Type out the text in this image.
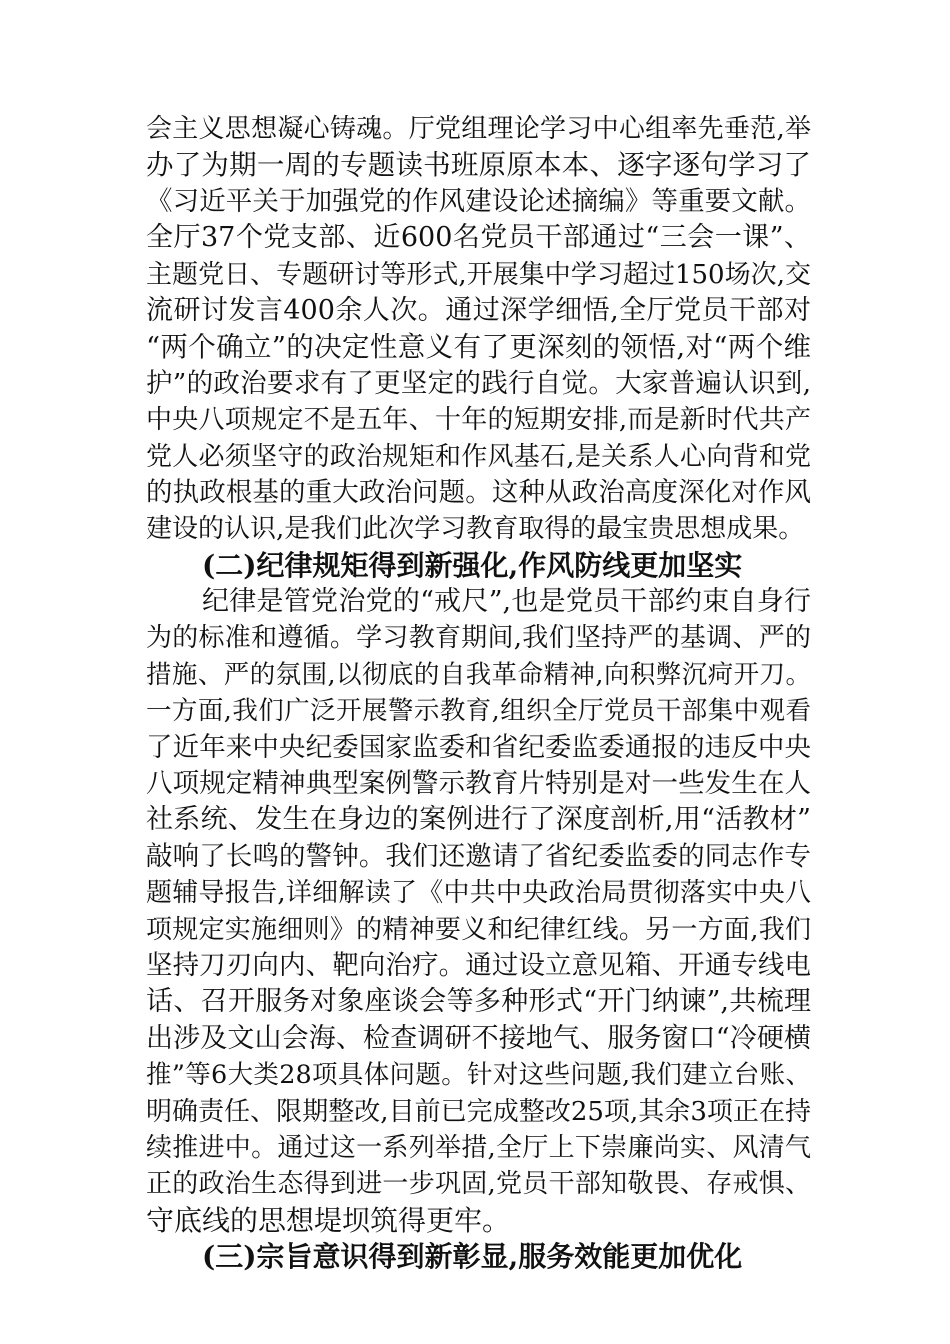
会主义思想凝心铸魂。厅党组理论学习中心组率先垂范,举
办了为期一周的专题读书班原原本本、逐字逐句学习了
《习近平关于加强党的作风建设论述摘编》等重要文献。
全厅37个党支部、近600名党员干部通过“三会一课”、
主题党日、专题研讨等形式,开展集中学习超过150场次,交
流研讨发言400余人次。通过深学细悟,全厅党员干部对
“两个确立”的决定性意义有了更深刻的领悟,对“两个维
护”的政治要求有了更坚定的践行自觉。大家普遍认识到,
中央八项规定不是五年、十年的短期安排,而是新时代共产
党人必须坚守的政治规矩和作风基石,是关系人心向背和党
的执政根基的重大政治问题。这种从政治高度深化对作风
建设的认识,是我们此次学习教育取得的最宝贵思想成果。
(二)纪律规矩得到新强化,作风防线更加坚实
纪律是管党治党的“戒尺”,也是党员干部约束自身行
为的标准和遵循。学习教育期间,我们坚持严的基调、严的
措施、严的氛围,以彻底的自我革命精神,向积弊沉疴开刀。
一方面,我们广泛开展警示教育,组织全厅党员干部集中观看
了近年来中央纪委国家监委和省纪委监委通报的违反中央
八项规定精神典型案例警示教育片特别是对一些发生在人
社系统、发生在身边的案例进行了深度剖析,用“活教材”
敲响了长鸣的警钟。我们还邀请了省纪委监委的同志作专
题辅导报告,详细解读了《中共中央政治局贯彻落实中央八
项规定实施细则》的精神要义和纪律红线。另一方面,我们
坚持刀刃向内、靶向治疗。通过设立意见箱、开通专线电
话、召开服务对象座谈会等多种形式“开门纳谏”,共梳理
出涉及文山会海、检查调研不接地气、服务窗口“冷硬横
推”等6大类28项具体问题。针对这些问题,我们建立台账、
明确责任、限期整改,目前已完成整改25项,其余3项正在持
续推进中。通过这一系列举措,全厅上下崇廉尚实、风清气
正的政治生态得到进一步巩固,党员干部知敬畏、存戒惧、
守底线的思想堤坝筑得更牢。
(三)宗旨意识得到新彰显,服务效能更加优化
